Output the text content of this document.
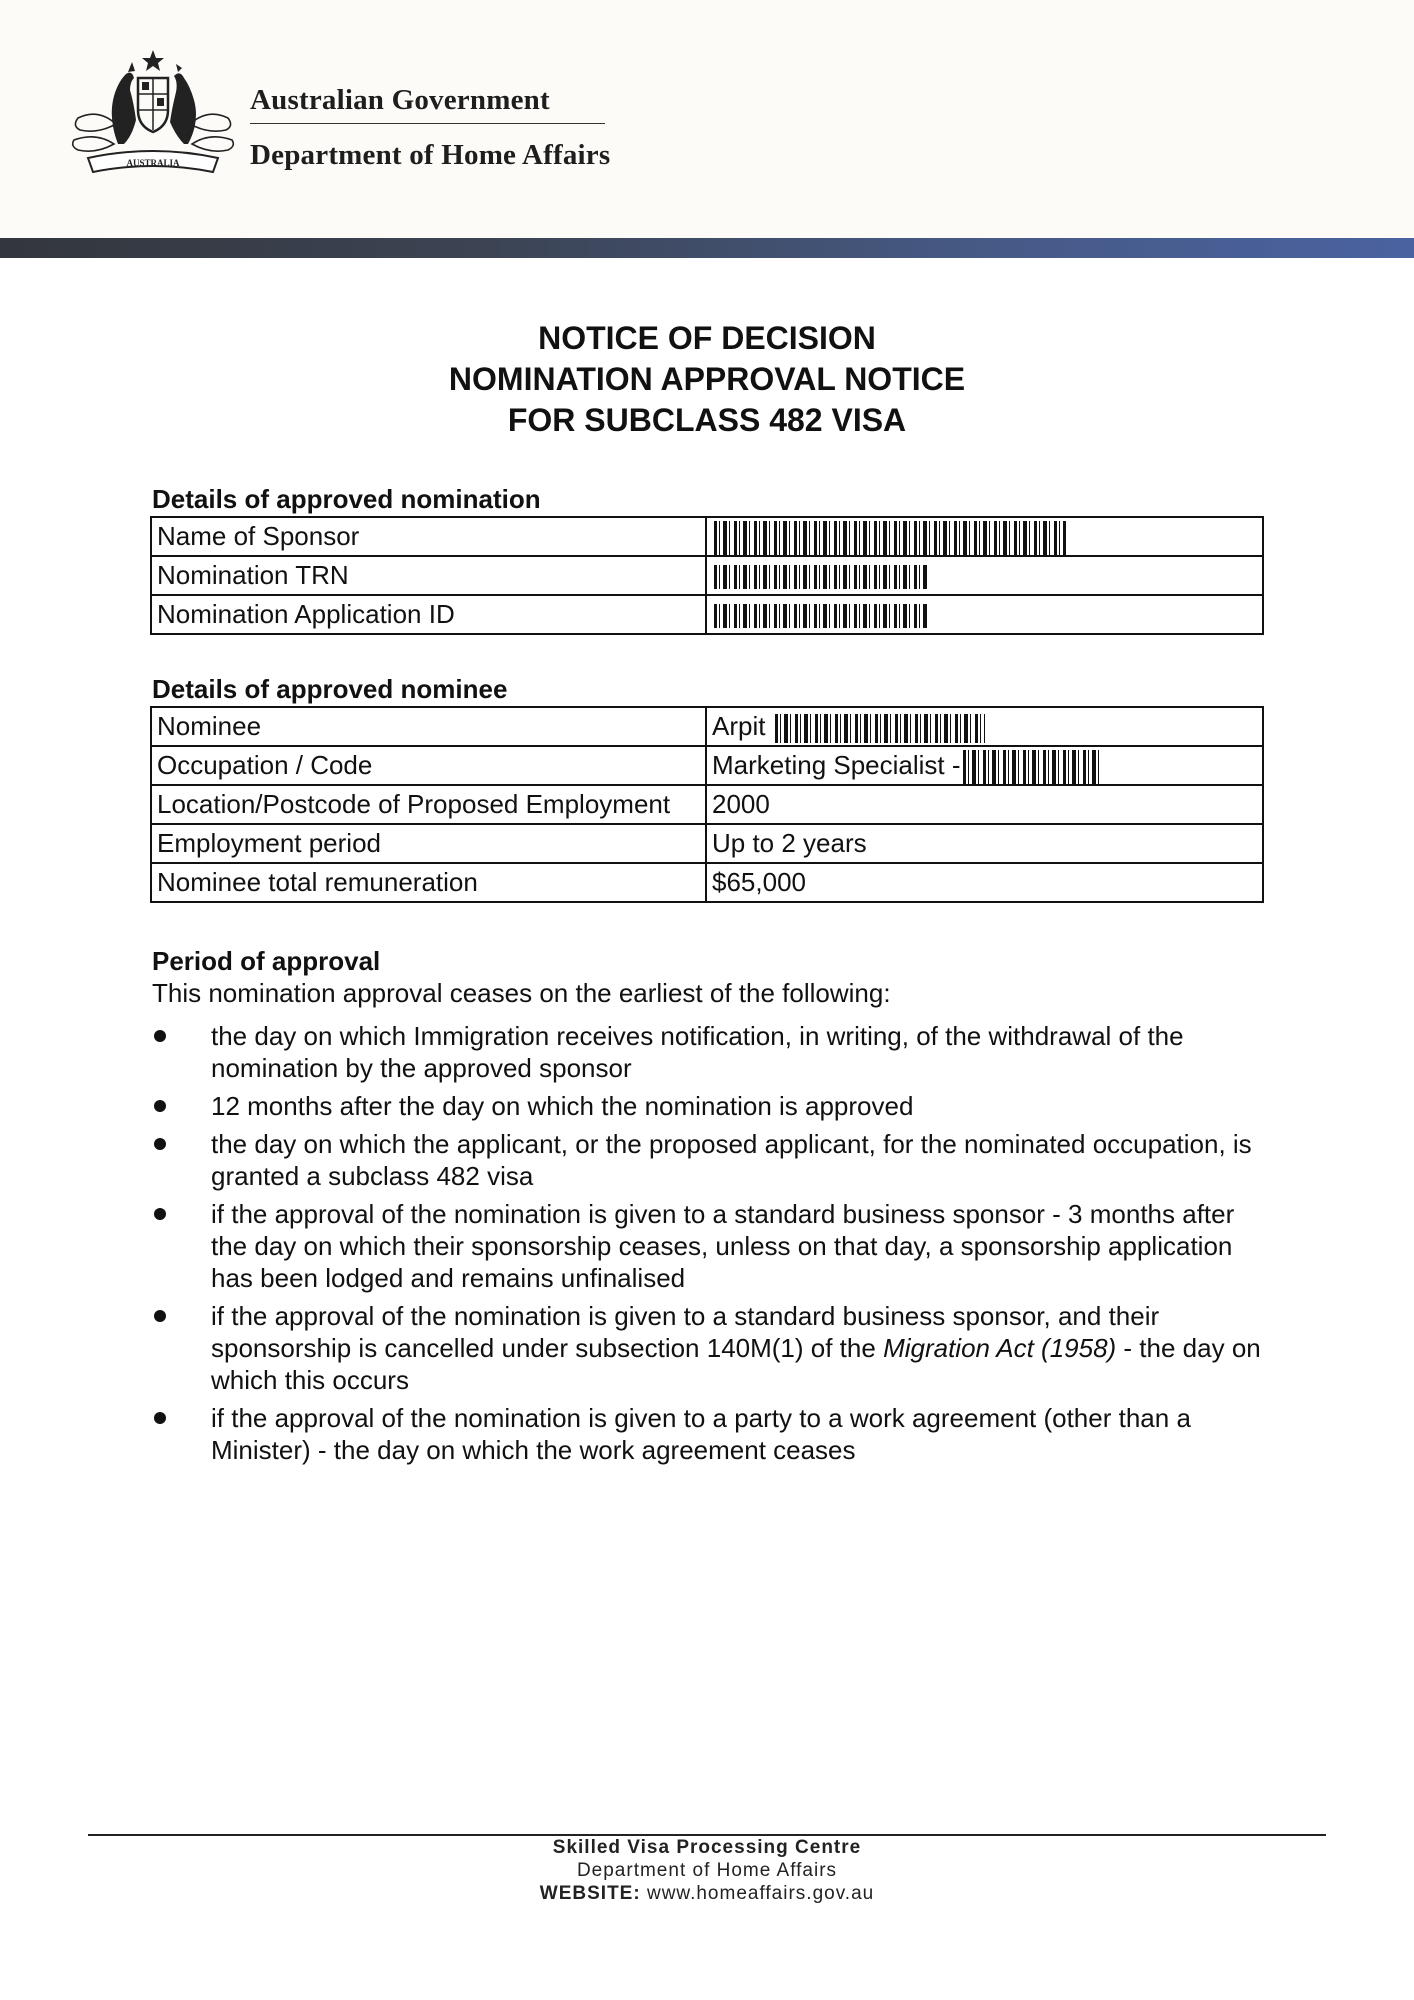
AUSTRALIA
Australian Government
Department of Home Affairs
NOTICE OF DECISION
NOMINATION APPROVAL NOTICE
FOR SUBCLASS 482 VISA
Details of approved nomination
Name of Sponsor	
Nomination TRN	
Nomination Application ID	
Details of approved nominee
Nominee	Arpit
Occupation / Code	Marketing Specialist -
Location/Postcode of Proposed Employment	2000
Employment period	Up to 2 years
Nominee total remuneration	$65,000
Period of approval
This nomination approval ceases on the earliest of the following:
the day on which Immigration receives notification, in writing, of the withdrawal of the nomination by the approved sponsor
12 months after the day on which the nomination is approved
the day on which the applicant, or the proposed applicant, for the nominated occupation, is granted a subclass 482 visa
if the approval of the nomination is given to a standard business sponsor - 3 months after the day on which their sponsorship ceases, unless on that day, a sponsorship application has been lodged and remains unfinalised
if the approval of the nomination is given to a standard business sponsor, and their sponsorship is cancelled under subsection 140M(1) of the Migration Act (1958) - the day on which this occurs
if the approval of the nomination is given to a party to a work agreement (other than a Minister) - the day on which the work agreement ceases
Skilled Visa Processing Centre
Department of Home Affairs
WEBSITE: www.homeaffairs.gov.au
